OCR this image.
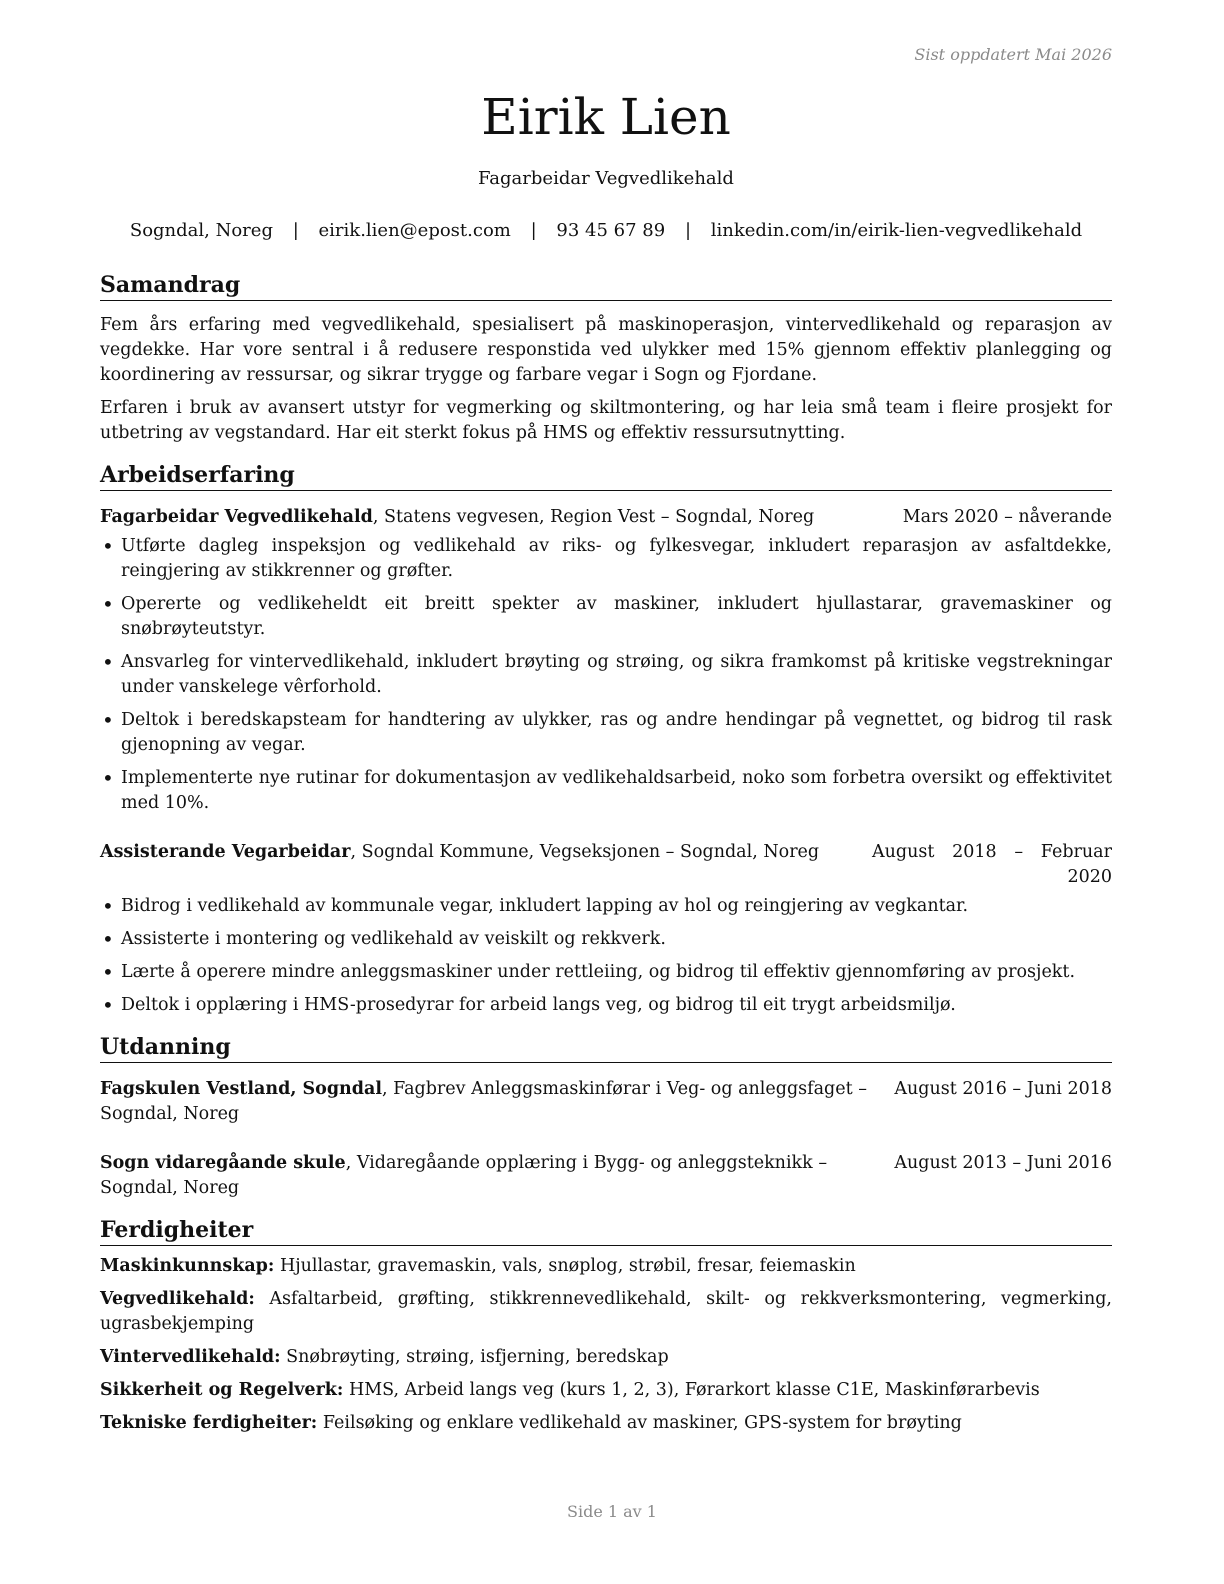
Sist oppdatert Mai 2026
Eirik Lien
Fagarbeidar Vegvedlikehald
Sogndal, Noreg | eirik.lien@epost.com | 93 45 67 89 | linkedin.com/in/eirik-lien-vegvedlikehald
Samandrag

Fem års erfaring med vegvedlikehald, spesialisert på maskinoperasjon, vintervedlikehald og reparasjon av vegdekke. Har vore sentral i å redusere responstida ved ulykker med 15% gjennom effektiv planlegging og koordinering av ressursar, og sikrar trygge og farbare vegar i Sogn og Fjordane.

Erfaren i bruk av avansert utstyr for vegmerking og skiltmontering, og har leia små team i fleire prosjekt for utbetring av vegstandard. Har eit sterkt fokus på HMS og effektiv ressursutnytting.

Arbeidserfaring
Fagarbeidar Vegvedlikehald, Statens vegvesen, Region Vest – Sogndal, Noreg	Mars 2020 – nåverande
• Utførte dagleg inspeksjon og vedlikehald av riks- og fylkesvegar, inkludert reparasjon av asfaltdekke, reingjering av stikkrenner og grøfter.
• Opererte og vedlikeheldt eit breitt spekter av maskiner, inkludert hjullastarar, gravemaskiner og snøbrøyteutstyr.
• Ansvarleg for vintervedlikehald, inkludert brøyting og strøing, og sikra framkomst på kritiske vegstrekningar under vanskelege vêrforhold.
• Deltok i beredskapsteam for handtering av ulykker, ras og andre hendingar på vegnettet, og bidrog til rask gjenopning av vegar.
• Implementerte nye rutinar for dokumentasjon av vedlikehaldsarbeid, noko som forbetra oversikt og effektivitet med 10%.
Assisterande Vegarbeidar, Sogndal Kommune, Vegseksjonen – Sogndal, Noreg	August 2018 – Februar 2020
• Bidrog i vedlikehald av kommunale vegar, inkludert lapping av hol og reingjering av vegkantar.
• Assisterte i montering og vedlikehald av veiskilt og rekkverk.
• Lærte å operere mindre anleggsmaskiner under rettleiing, og bidrog til effektiv gjennomføring av prosjekt.
• Deltok i opplæring i HMS-prosedyrar for arbeid langs veg, og bidrog til eit trygt arbeidsmiljø.
Utdanning
Fagskulen Vestland, Sogndal, Fagbrev Anleggsmaskinførar i Veg- og anleggsfaget – Sogndal, Noreg
August 2016 – Juni 2018
Sogn vidaregåande skule, Vidaregåande opplæring i Bygg- og anleggsteknikk – Sogndal, Noreg
August 2013 – Juni 2016
Ferdigheiter
Maskinkunnskap: Hjullastar, gravemaskin, vals, snøplog, strøbil, fresar, feiemaskin
Vegvedlikehald: Asfaltarbeid, grøfting, stikkrennevedlikehald, skilt- og rekkverksmontering, vegmerking, ugrasbekjemping
Vintervedlikehald: Snøbrøyting, strøing, isfjerning, beredskap
Sikkerheit og Regelverk: HMS, Arbeid langs veg (kurs 1, 2, 3), Førarkort klasse C1E, Maskinførarbevis
Tekniske ferdigheiter: Feilsøking og enklare vedlikehald av maskiner, GPS-system for brøyting
Side 1 av 1
